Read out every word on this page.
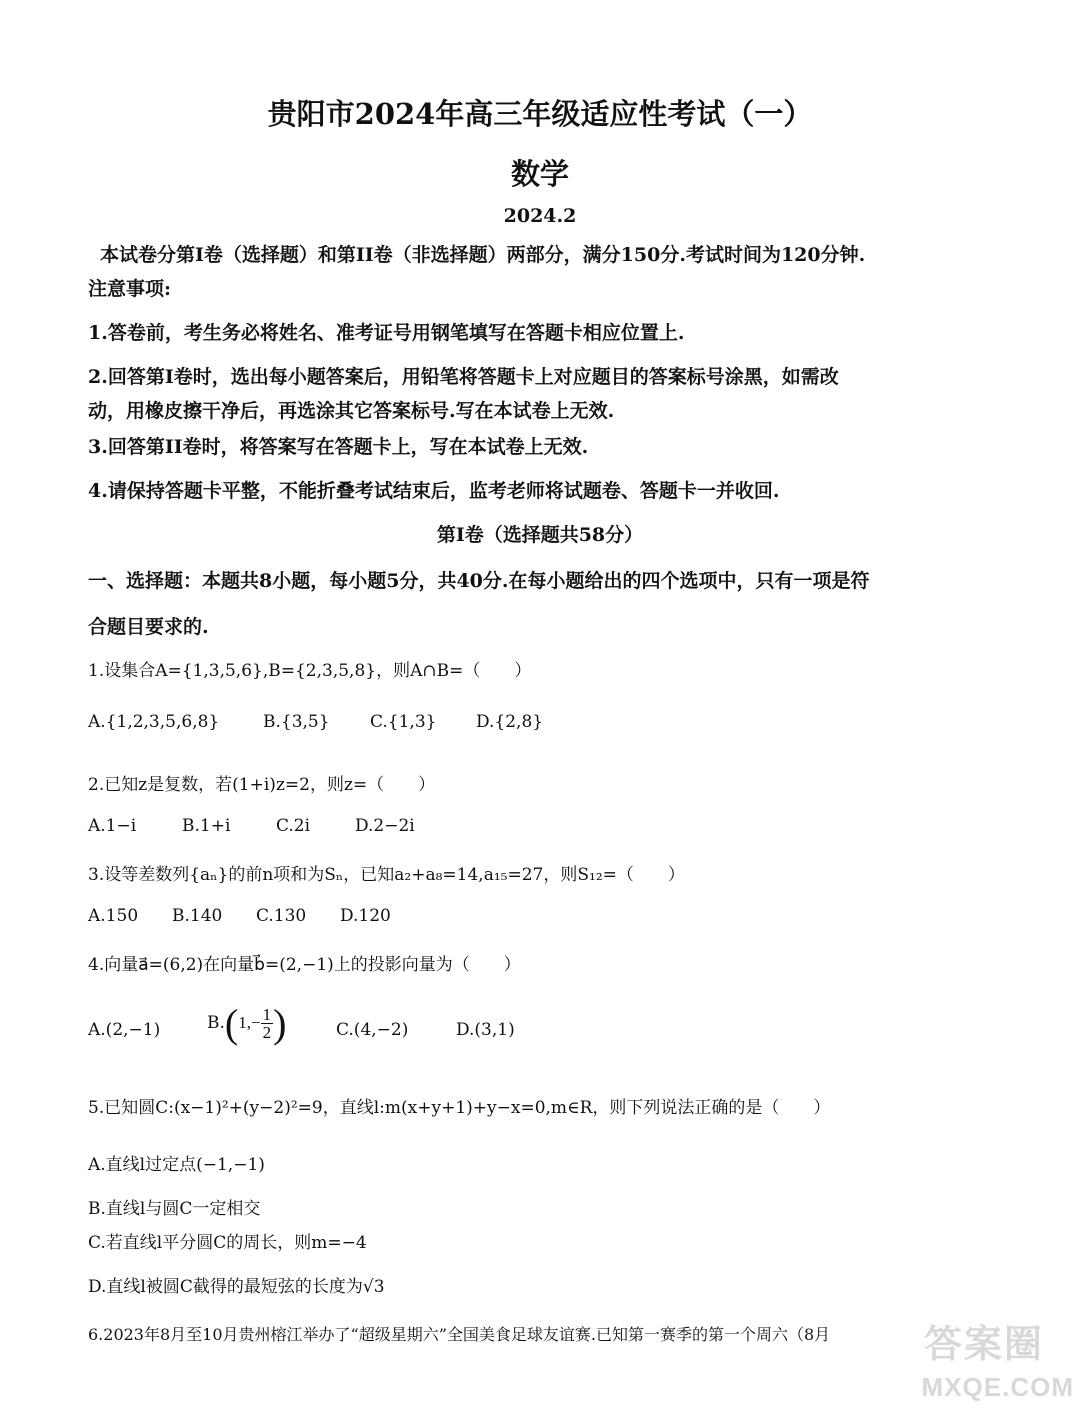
贵阳市2024年高三年级适应性考试（一）
数学
2024.2
本试卷分第I卷（选择题）和第II卷（非选择题）两部分，满分150分.考试时间为120分钟.
注意事项:
1.答卷前，考生务必将姓名、准考证号用钢笔填写在答题卡相应位置上.
2.回答第I卷时，选出每小题答案后，用铅笔将答题卡上对应题目的答案标号涂黑，如需改
动，用橡皮擦干净后，再选涂其它答案标号.写在本试卷上无效.
3.回答第II卷时，将答案写在答题卡上，写在本试卷上无效.
4.请保持答题卡平整，不能折叠考试结束后，监考老师将试题卷、答题卡一并收回.
第I卷（选择题共58分）
一、选择题：本题共8小题，每小题5分，共40分.在每小题给出的四个选项中，只有一项是符
合题目要求的.
1.设集合A={1,3,5,6},B={2,3,5,8}，则A∩B=（　　）
A.{1,2,3,5,6,8}	B.{3,5} C.{1,3} D.{2,8}
2.已知z是复数，若(1+i)z=2，则z=（　　）
A.1−i	B.1+i	C.2i	D.2−2i
3.设等差数列{aₙ}的前n项和为Sₙ，已知a₂+a₈=14,a₁₅=27，则S₁₂=（　　）
A.150 B.140 C.130 D.120
4.向量a⃗=(6,2)在向量b⃗=(2,−1)上的投影向量为（　　）
A.(2,−1)	$B.(1,- \frac{1}{2}$ )	C.(4,−2)	D.(3,1)
5.已知圆C:(x−1)²+(y−2)²=9，直线l:m(x+y+1)+y−x=0,m∈R，则下列说法正确的是（　　）
A.直线l过定点(−1,−1)
B.直线l与圆C一定相交
C.若直线l平分圆C的周长，则m=−4
D.直线l被圆C截得的最短弦的长度为√3
6.2023年8月至10月贵州榕江举办了“超级星期六”全国美食足球友谊赛.已知第一赛季的第一个周六（8月 答案圈
MXQE.COM
